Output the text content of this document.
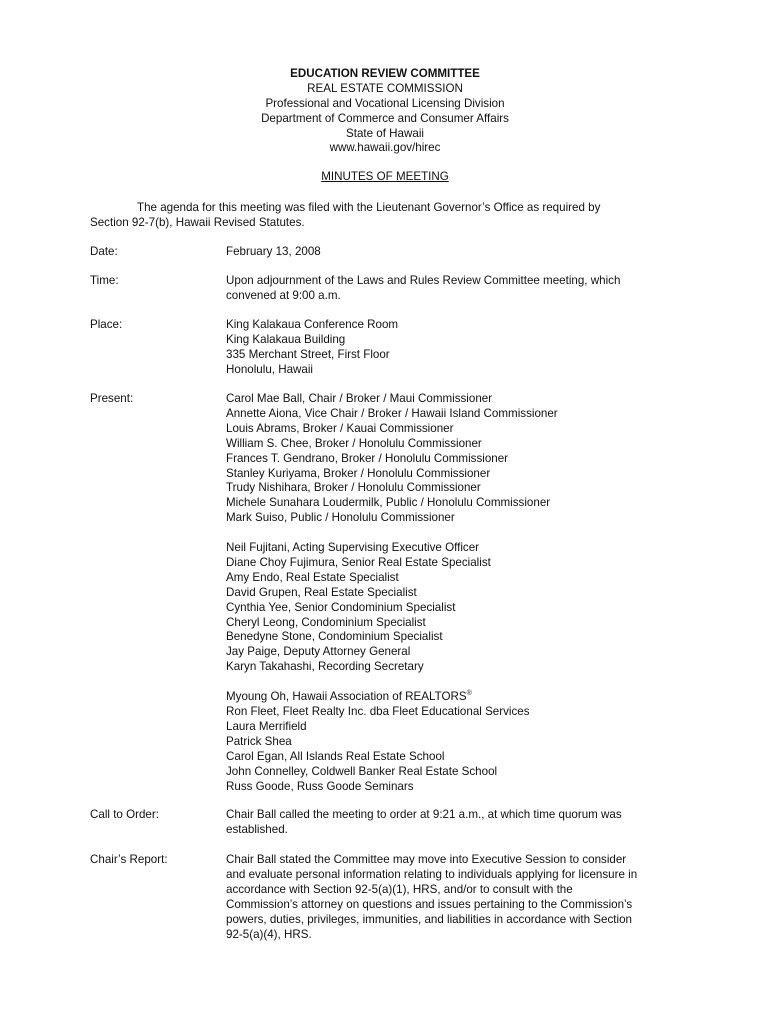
EDUCATION REVIEW COMMITTEE
REAL ESTATE COMMISSION
Professional and Vocational Licensing Division
Department of Commerce and Consumer Affairs
State of Hawaii
www.hawaii.gov/hirec
MINUTES OF MEETING

The agenda for this meeting was filed with the Lieutenant Governor’s Office as required by

Section 92-7(b), Hawaii Revised Statutes.

Date:	February 13, 2008
Time:	Upon adjournment of the Laws and Rules Review Committee meeting, which
convened at 9:00 a.m.
Place:	King Kalakaua Conference Room
King Kalakaua Building
335 Merchant Street, First Floor
Honolulu, Hawaii
Present:	Carol Mae Ball, Chair / Broker / Maui Commissioner
Annette Aiona, Vice Chair / Broker / Hawaii Island Commissioner
Louis Abrams, Broker / Kauai Commissioner
William S. Chee, Broker / Honolulu Commissioner
Frances T. Gendrano, Broker / Honolulu Commissioner
Stanley Kuriyama, Broker / Honolulu Commissioner
Trudy Nishihara, Broker / Honolulu Commissioner
Michele Sunahara Loudermilk, Public / Honolulu Commissioner
Mark Suiso, Public / Honolulu Commissioner
Neil Fujitani, Acting Supervising Executive Officer
Diane Choy Fujimura, Senior Real Estate Specialist
Amy Endo, Real Estate Specialist
David Grupen, Real Estate Specialist
Cynthia Yee, Senior Condominium Specialist
Cheryl Leong, Condominium Specialist
Benedyne Stone, Condominium Specialist
Jay Paige, Deputy Attorney General
Karyn Takahashi, Recording Secretary
Myoung Oh, Hawaii Association of REALTORS®
Ron Fleet, Fleet Realty Inc. dba Fleet Educational Services
Laura Merrifield
Patrick Shea
Carol Egan, All Islands Real Estate School
John Connelley, Coldwell Banker Real Estate School
Russ Goode, Russ Goode Seminars
Call to Order:	Chair Ball called the meeting to order at 9:21 a.m., at which time quorum was
established.
Chair’s Report:	Chair Ball stated the Committee may move into Executive Session to consider
and evaluate personal information relating to individuals applying for licensure in
accordance with Section 92-5(a)(1), HRS, and/or to consult with the
Commission’s attorney on questions and issues pertaining to the Commission’s
powers, duties, privileges, immunities, and liabilities in accordance with Section
92-5(a)(4), HRS.
